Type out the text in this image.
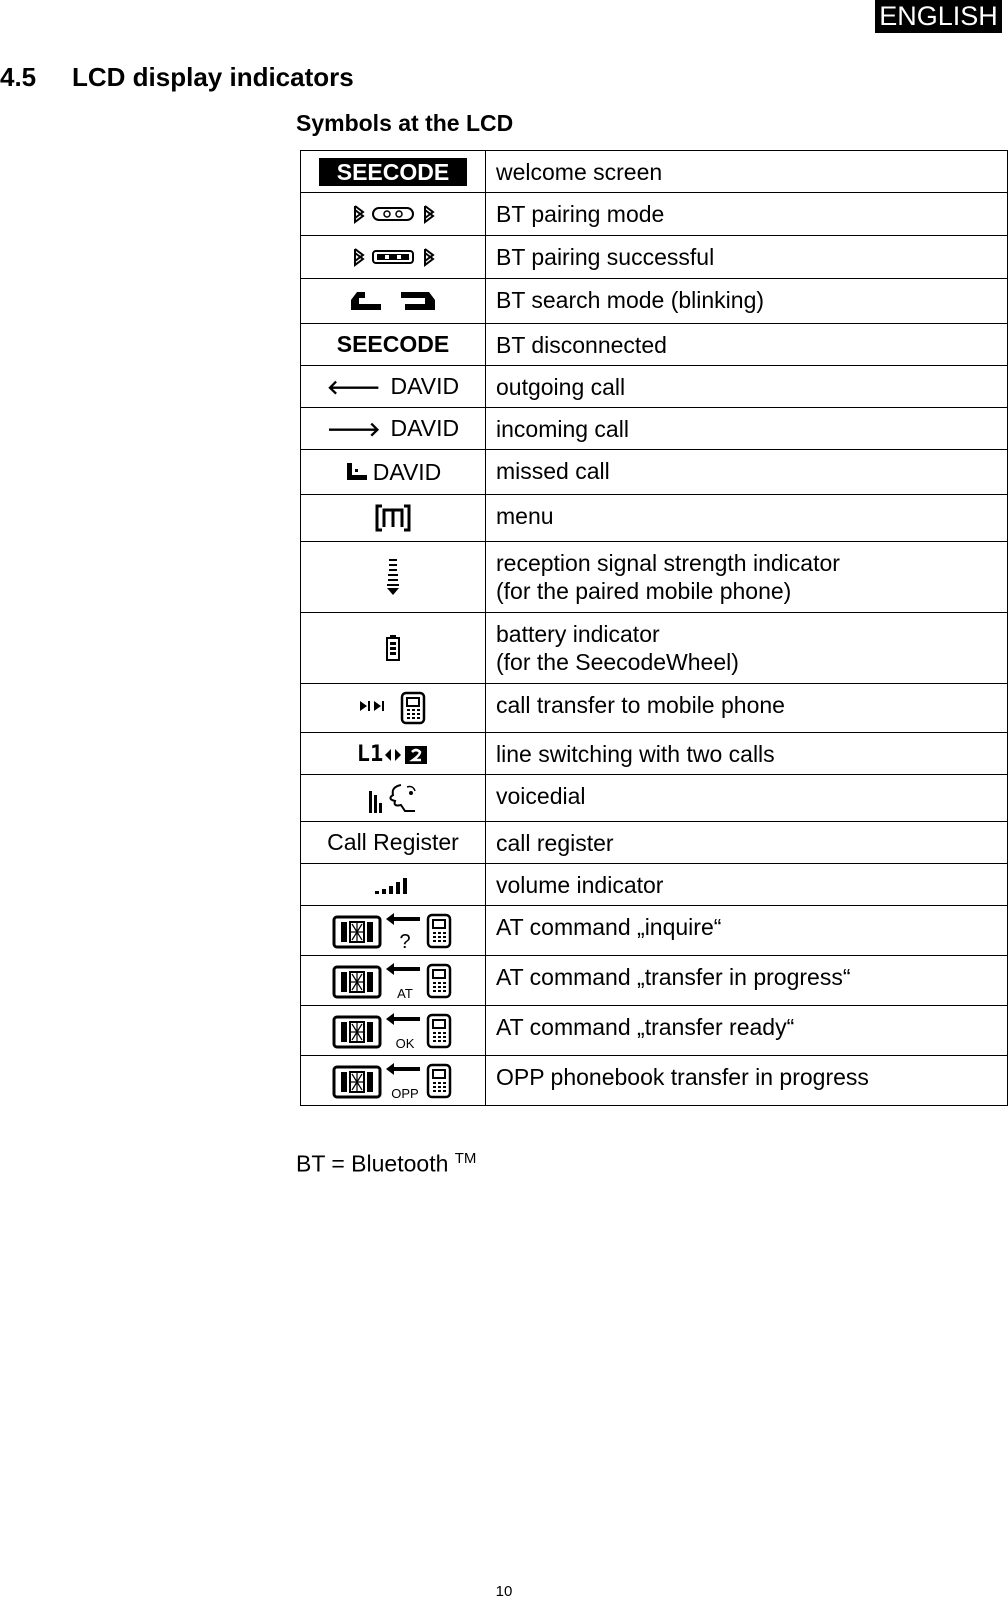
ENGLISH
4.5 LCD display indicators
Symbols at the LCD
SEECODE	welcome screen
	BT pairing mode
	BT pairing successful
	BT search mode (blinking)
SEECODE	BT disconnected
🡐 DAVID	outgoing call
🡒 DAVID	incoming call
DAVID	missed call
	menu

reception signal strength indicator
(for the paired mobile phone)

battery indicator
(for the SeecodeWheel)

	call transfer to mobile phone

L1	line switching with two calls
	voicedial
Call Register	call register
	volume indicator

?	AT command „inquire“

AT	AT command „transfer in progress“

OK	AT command „transfer ready“

OPP	OPP phonebook transfer in progress
BT = Bluetooth ™
10
